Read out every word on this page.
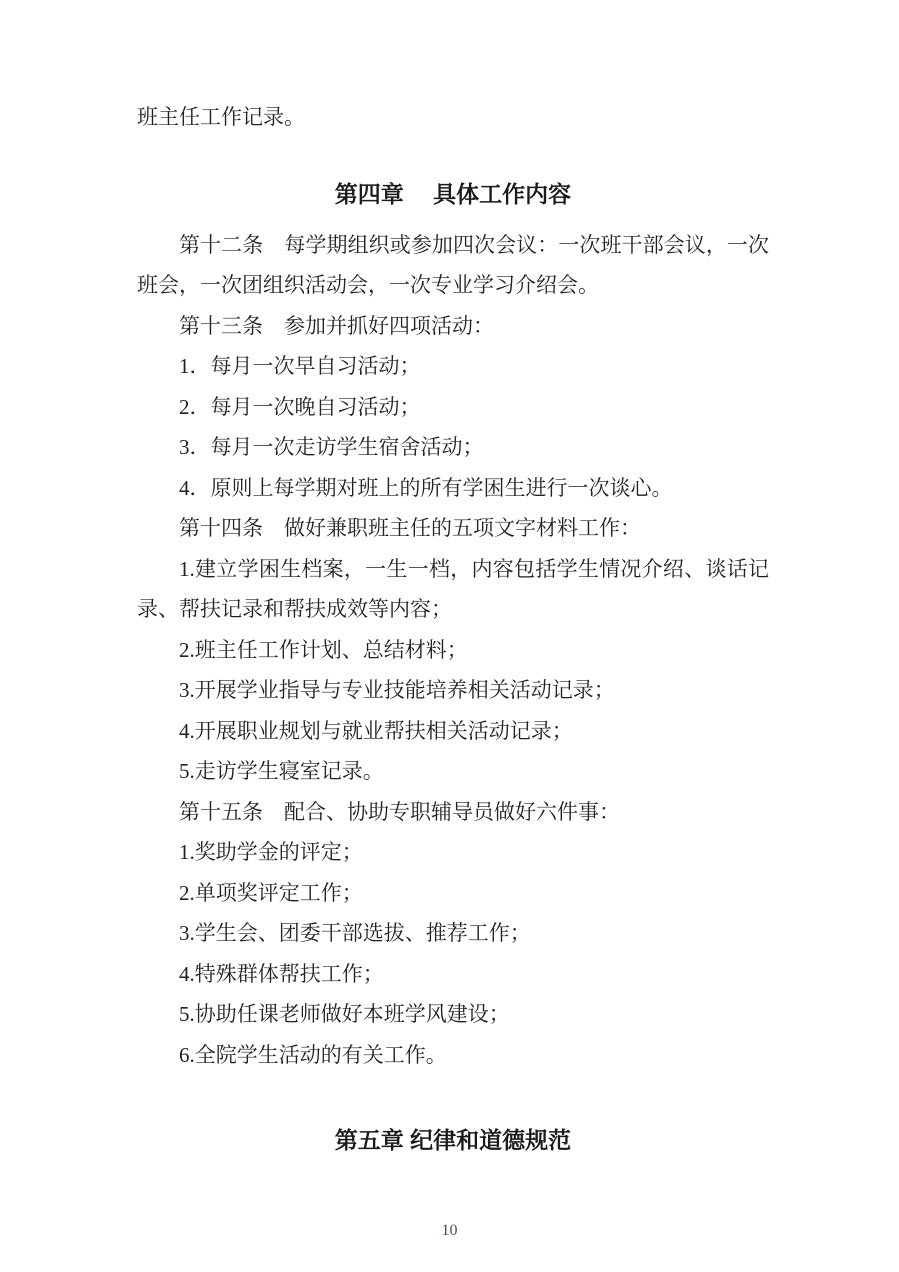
班主任工作记录。

第四章　 具体工作内容

第十二条　每学期组织或参加四次会议：一次班干部会议，一次班会，一次团组织活动会，一次专业学习介绍会。

第十三条　参加并抓好四项活动：

1．每月一次早自习活动；

2．每月一次晚自习活动；

3．每月一次走访学生宿舍活动；

4．原则上每学期对班上的所有学困生进行一次谈心。

第十四条　做好兼职班主任的五项文字材料工作：

1.建立学困生档案，一生一档，内容包括学生情况介绍、谈话记录、帮扶记录和帮扶成效等内容；

2.班主任工作计划、总结材料；

3.开展学业指导与专业技能培养相关活动记录；

4.开展职业规划与就业帮扶相关活动记录；

5.走访学生寝室记录。

第十五条　配合、协助专职辅导员做好六件事：

1.奖助学金的评定；

2.单项奖评定工作；

3.学生会、团委干部选拔、推荐工作；

4.特殊群体帮扶工作；

5.协助任课老师做好本班学风建设；

6.全院学生活动的有关工作。

第五章 纪律和道德规范
10
